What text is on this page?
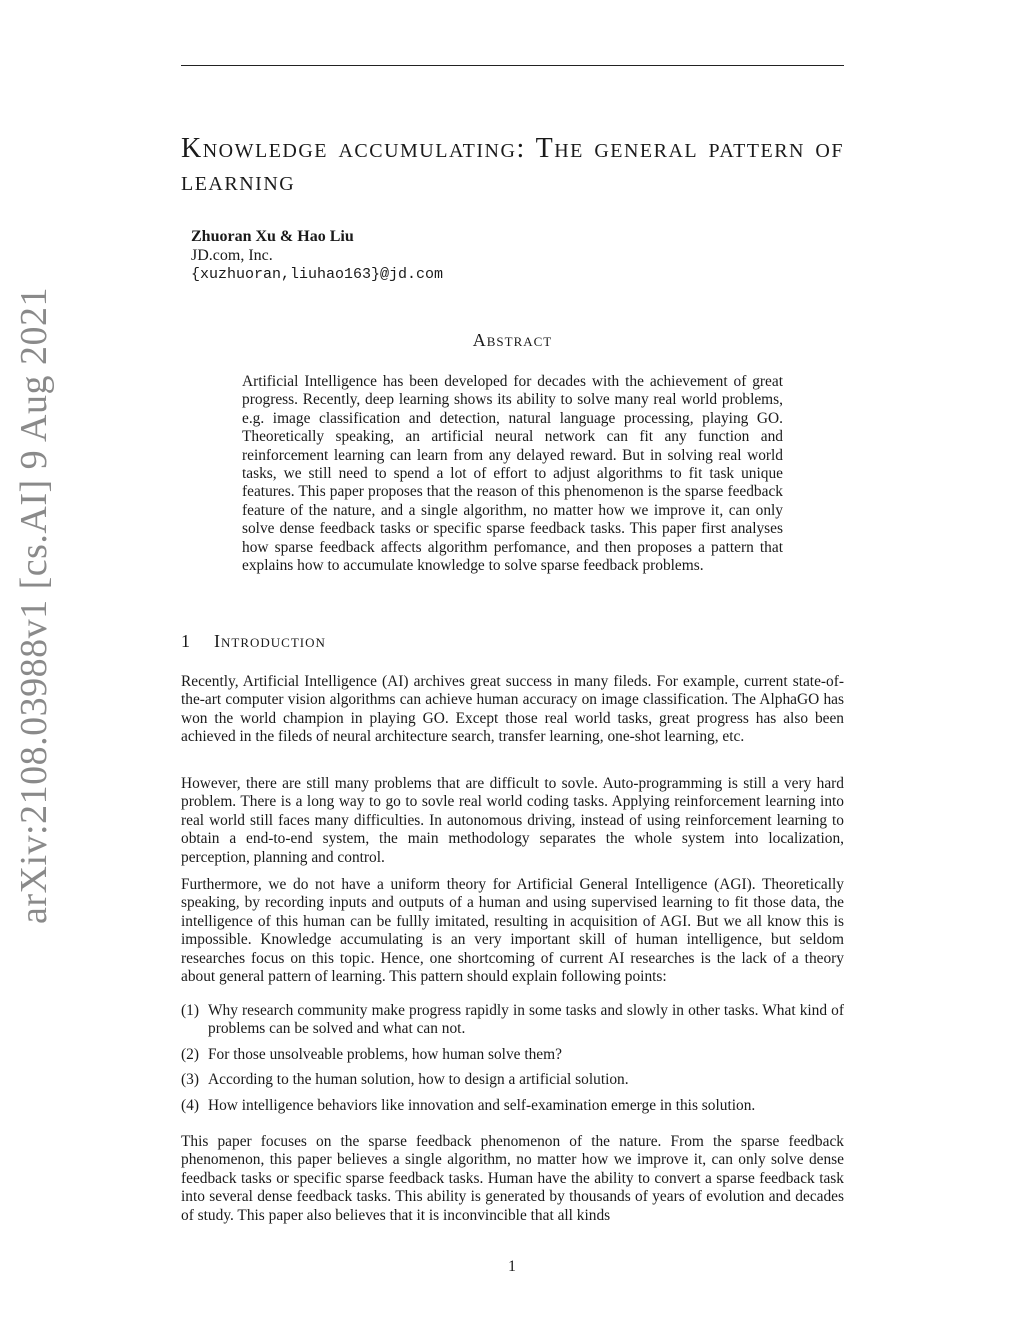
arXiv:2108.03988v1 [cs.AI] 9 Aug 2021
Knowledge accumulating: The general pattern of learning
Zhuoran Xu & Hao Liu
JD.com, Inc.
{xuzhuoran,liuhao163}@jd.com
Abstract

Artificial Intelligence has been developed for decades with the achievement of great progress. Recently, deep learning shows its ability to solve many real world problems, e.g. image classification and detection, natural language processing, playing GO. Theoretically speaking, an artificial neural network can fit any function and reinforcement learning can learn from any delayed reward. But in solving real world tasks, we still need to spend a lot of effort to adjust algorithms to fit task unique features. This paper proposes that the reason of this phenomenon is the sparse feedback feature of the nature, and a single algorithm, no matter how we improve it, can only solve dense feedback tasks or specific sparse feedback tasks. This paper first analyses how sparse feedback affects algorithm perfomance, and then proposes a pattern that explains how to accumulate knowledge to solve sparse feedback problems.

1 Introduction

Recently, Artificial Intelligence (AI) archives great success in many fileds. For example, current state-of-the-art computer vision algorithms can achieve human accuracy on image classification. The AlphaGO has won the world champion in playing GO. Except those real world tasks, great progress has also been achieved in the fileds of neural architecture search, transfer learning, one-shot learning, etc.

However, there are still many problems that are difficult to sovle. Auto-programming is still a very hard problem. There is a long way to go to sovle real world coding tasks. Applying reinforcement learning into real world still faces many difficulties. In autonomous driving, instead of using reinforcement learning to obtain a end-to-end system, the main methodology separates the whole system into localization, perception, planning and control.

Furthermore, we do not have a uniform theory for Artificial General Intelligence (AGI). Theoretically speaking, by recording inputs and outputs of a human and using supervised learning to fit those data, the intelligence of this human can be fullly imitated, resulting in acquisition of AGI. But we all know this is impossible. Knowledge accumulating is an very important skill of human intelligence, but seldom researches focus on this topic. Hence, one shortcoming of current AI researches is the lack of a theory about general pattern of learning. This pattern should explain following points:

(1) Why research community make progress rapidly in some tasks and slowly in other tasks. What kind of problems can be solved and what can not.
(2) For those unsolveable problems, how human solve them?
(3) According to the human solution, how to design a artificial solution.
(4) How intelligence behaviors like innovation and self-examination emerge in this solution.

This paper focuses on the sparse feedback phenomenon of the nature. From the sparse feedback phenomenon, this paper believes a single algorithm, no matter how we improve it, can only solve dense feedback tasks or specific sparse feedback tasks. Human have the ability to convert a sparse feedback task into several dense feedback tasks. This ability is generated by thousands of years of evolution and decades of study. This paper also believes that it is inconvincible that all kinds

1
